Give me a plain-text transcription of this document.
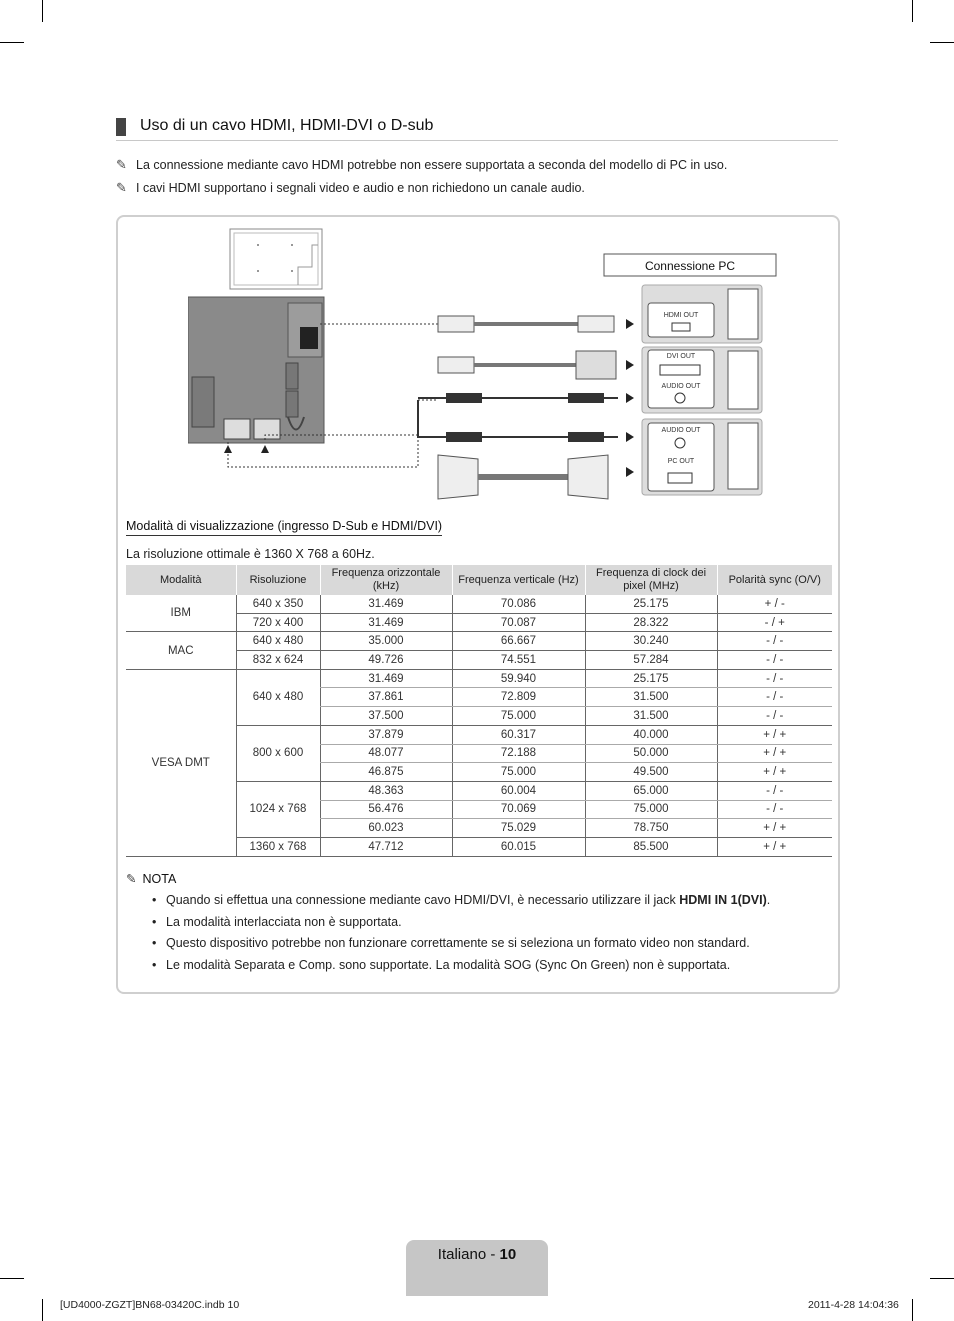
Uso di un cavo HDMI, HDMI-DVI o D-sub
✎ La connessione mediante cavo HDMI potrebbe non essere supportata a seconda del modello di PC in uso.
✎ I cavi HDMI supportano i segnali video e audio e non richiedono un canale audio.
HDMI OUT
DVI OUT
AUDIO OUT
AUDIO OUT
PC OUT
Connessione PC
Modalità di visualizzazione (ingresso D-Sub e HDMI/DVI)
La risoluzione ottimale è 1360 X 768 a 60Hz.
Modalità	Risoluzione	Frequenza orizzontale (kHz)	Frequenza verticale (Hz)	Frequenza di clock dei pixel (MHz)	Polarità sync (O/V)
IBM	640 x 350	31.469	70.086	25.175	+ / -
	720 x 400	31.469	70.087	28.322	- / +
MAC	640 x 480	35.000	66.667	30.240	- / -
	832 x 624	49.726	74.551	57.284	- / -
VESA DMT	640 x 480	31.469	59.940	25.175	- / -
		37.861	72.809	31.500	- / -
		37.500	75.000	31.500	- / -
	800 x 600	37.879	60.317	40.000	+ / +
		48.077	72.188	50.000	+ / +
		46.875	75.000	49.500	+ / +
	1024 x 768	48.363	60.004	65.000	- / -
		56.476	70.069	75.000	- / -
		60.023	75.029	78.750	+ / +
	1360 x 768	47.712	60.015	85.500	+ / +
✎ NOTA
• Quando si effettua una connessione mediante cavo HDMI/DVI, è necessario utilizzare il jack HDMI IN 1(DVI).
• La modalità interlacciata non è supportata.
• Questo dispositivo potrebbe non funzionare correttamente se si seleziona un formato video non standard.
• Le modalità Separata e Comp. sono supportate. La modalità SOG (Sync On Green) non è supportata.
Italiano - 10
[UD4000-ZGZT]BN68-03420C.indb 10	2011-4-28 14:04:36
